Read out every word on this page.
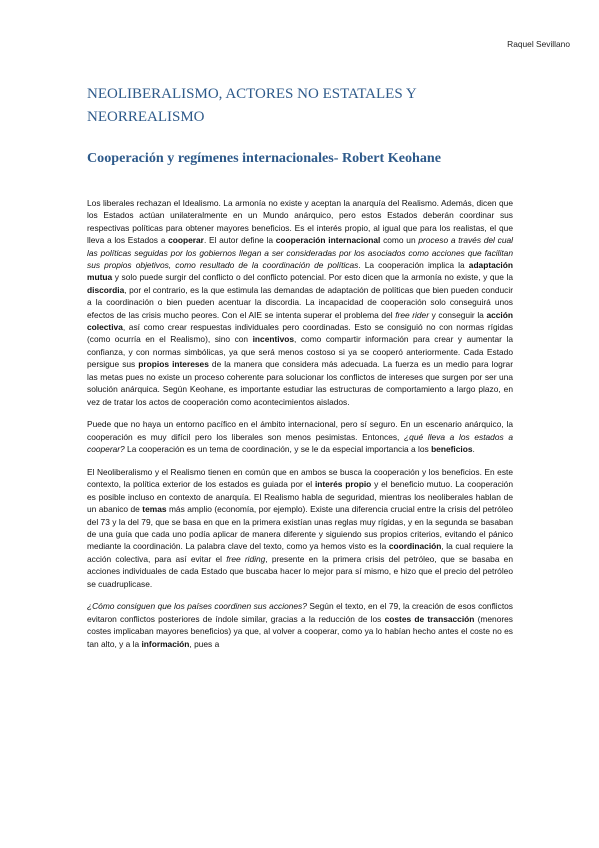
Raquel Sevillano
NEOLIBERALISMO, ACTORES NO ESTATALES Y NEORREALISMO
Cooperación y regímenes internacionales- Robert Keohane

Los liberales rechazan el Idealismo. La armonía no existe y aceptan la anarquía del Realismo. Además, dicen que los Estados actúan unilateralmente en un Mundo anárquico, pero estos Estados deberán coordinar sus respectivas políticas para obtener mayores beneficios. Es el interés propio, al igual que para los realistas, el que lleva a los Estados a cooperar. El autor define la cooperación internacional como un proceso a través del cual las políticas seguidas por los gobiernos llegan a ser consideradas por los asociados como acciones que facilitan sus propios objetivos, como resultado de la coordinación de políticas. La cooperación implica la adaptación mutua y solo puede surgir del conflicto o del conflicto potencial. Por esto dicen que la armonía no existe, y que la discordia, por el contrario, es la que estimula las demandas de adaptación de políticas que bien pueden conducir a la coordinación o bien pueden acentuar la discordia. La incapacidad de cooperación solo conseguirá unos efectos de las crisis mucho peores. Con el AIE se intenta superar el problema del free rider y conseguir la acción colectiva, así como crear respuestas individuales pero coordinadas. Esto se consiguió no con normas rígidas (como ocurría en el Realismo), sino con incentivos, como compartir información para crear y aumentar la confianza, y con normas simbólicas, ya que será menos costoso si ya se cooperó anteriormente. Cada Estado persigue sus propios intereses de la manera que considera más adecuada. La fuerza es un medio para lograr las metas pues no existe un proceso coherente para solucionar los conflictos de intereses que surgen por ser una solución anárquica. Según Keohane, es importante estudiar las estructuras de comportamiento a largo plazo, en vez de tratar los actos de cooperación como acontecimientos aislados.

Puede que no haya un entorno pacífico en el ámbito internacional, pero sí seguro. En un escenario anárquico, la cooperación es muy difícil pero los liberales son menos pesimistas. Entonces, ¿qué lleva a los estados a cooperar? La cooperación es un tema de coordinación, y se le da especial importancia a los beneficios.

El Neoliberalismo y el Realismo tienen en común que en ambos se busca la cooperación y los beneficios. En este contexto, la política exterior de los estados es guiada por el interés propio y el beneficio mutuo. La cooperación es posible incluso en contexto de anarquía. El Realismo habla de seguridad, mientras los neoliberales hablan de un abanico de temas más amplio (economía, por ejemplo). Existe una diferencia crucial entre la crisis del petróleo del 73 y la del 79, que se basa en que en la primera existían unas reglas muy rígidas, y en la segunda se basaban de una guía que cada uno podía aplicar de manera diferente y siguiendo sus propios criterios, evitando el pánico mediante la coordinación. La palabra clave del texto, como ya hemos visto es la coordinación, la cual requiere la acción colectiva, para así evitar el free riding, presente en la primera crisis del petróleo, que se basaba en acciones individuales de cada Estado que buscaba hacer lo mejor para sí mismo, e hizo que el precio del petróleo se cuadruplicase.

¿Cómo consiguen que los países coordinen sus acciones? Según el texto, en el 79, la creación de esos conflictos evitaron conflictos posteriores de índole similar, gracias a la reducción de los costes de transacción (menores costes implicaban mayores beneficios) ya que, al volver a cooperar, como ya lo habían hecho antes el coste no es tan alto, y a la información, pues a
